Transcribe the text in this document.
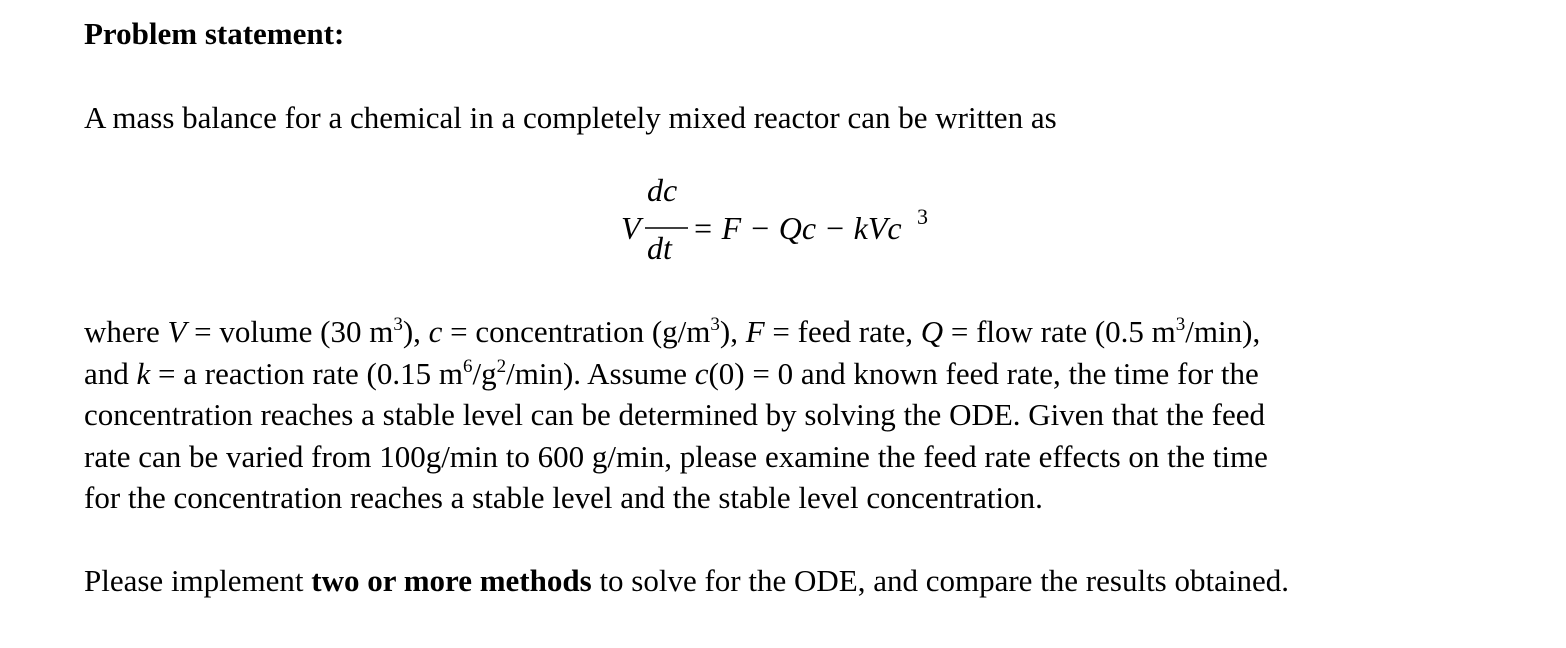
Problem statement:
A mass balance for a chemical in a completely mixed reactor can be written as
V
dc
dt
= F − Qc − kVc 3
where V = volume (30 $m^3$), c = concentration $(g/m^3)$, F = feed rate, Q = flow rate (0.5 $m^3/\min$),
and k = a reaction rate (0.15 $m^6/g^2/\min$). Assume c(0) = 0 and known feed rate, the time for the
concentration reaches a stable level can be determined by solving the ODE. Given that the feed
rate can be varied from 100g/min to 600 g/min, please examine the feed rate effects on the time
for the concentration reaches a stable level and the stable level concentration.
Please implement two or more methods to solve for the ODE, and compare the results obtained.
